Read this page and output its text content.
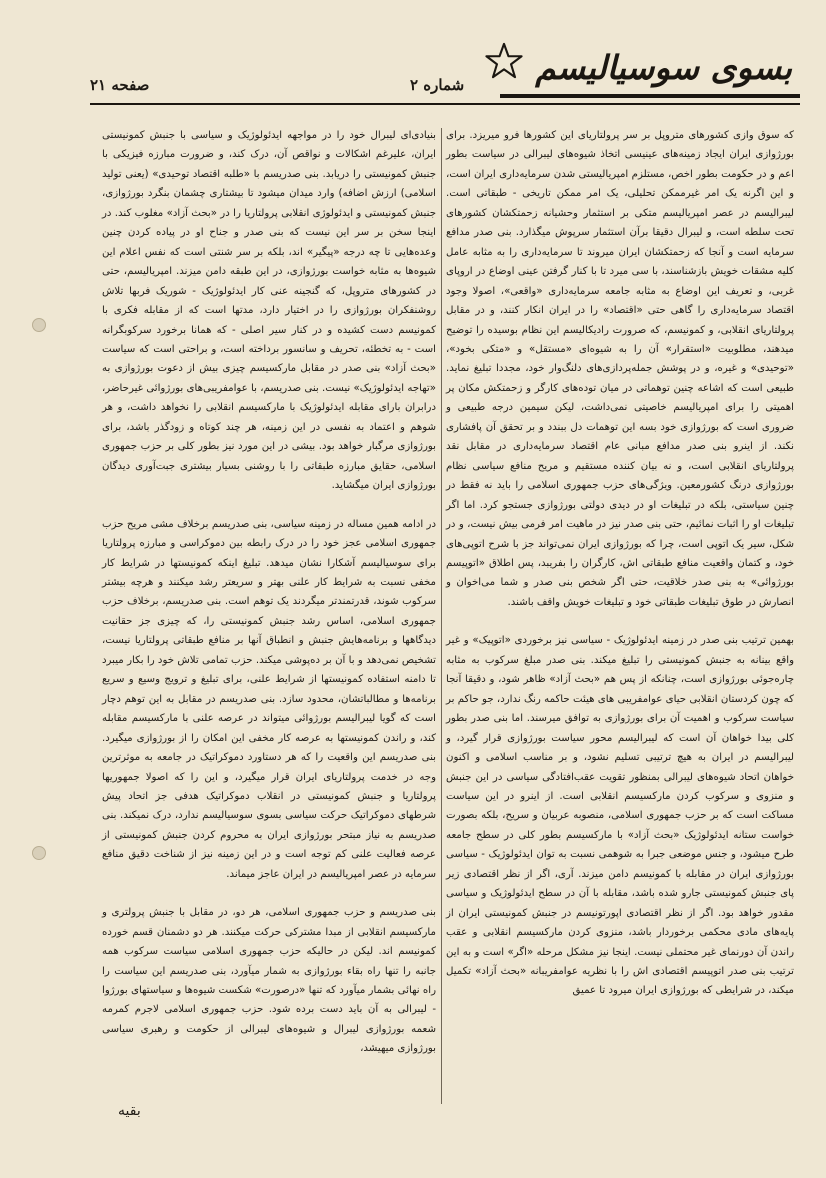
بسوی سوسیالیسم
شماره ۲
صفحه ۲۱

که سوق وازی کشورهای متروپل بر سر پرولتاریای این کشورها فرو میریزد. برای بورژوازی ایران ایجاد زمینه‌های عینیسی اتخاذ شیوه‌های لیبرالی در سیاست بطور اعم و در حکومت بطور اخص، مستلزم امپریالیستی شدن سرمایه‌داری ایران است، و این اگرنه یک امر غیرممکن تحلیلی، یک امر ممکن تاریخی - طبقاتی است. لیبرالیسم در عصر امپریالیسم متکی بر استثمار وحشیانه زحمتکشان کشورهای تحت سلطه است، و لیبرال دقیقا برآن استثمار سرپوش میگذارد. بنی صدر مدافع سرمایه است و آنجا که زحمتکشان ایران میروند تا سرمایه‌داری را به مثابه عامل کلیه مشقات خویش بازشناسند، با سی میرد تا با کنار گرفتن عینی اوضاع در اروپای غربی، و تعریف این اوضاع به مثابه جامعه سرمایه‌داری «واقعی»، اصولا وجود اقتصاد سرمایه‌داری را گاهی حتی «اقتصاد» را در ایران انکار کنند، و در مقابل پرولتاریای انقلابی، و کمونیسم، که صرورت رادیکالیسم این نظام بوسیده را توضیح میدهند، مطلوبیت «استقرار» آن را به شیوه‌ای «مستقل» و «متکی بخود»، «توحیدی» و غیره، و در پوشش جمله‌پردازی‌های دلنگ‌وار خود، مجددا تبلیغ نماید. طبیعی است که اشاعه چنین توهماتی در میان توده‌های کارگر و زحمتکش مکان پر اهمیتی را برای امپریالیسم خاصیتی نمی‌داشت، لیکن سیمین درجه طبیعی و ضروری است که بورژوازی خود بسه این توهمات دل ببندد و بر تحقق آن پافشاری نکند. از اینرو بنی صدر مدافع مبانی عام اقتصاد سرمایه‌داری در مقابل نقد پرولتاریای انقلابی است، و نه بیان کننده مستقیم و مریح منافع سیاسی نظام بورژوازی درنگ کشورمعین. ویژگی‌های حزب جمهوری اسلامی را باید نه فقط در چنین سیاستی، بلکه در تبلیغات او در دیدی دولتی بورژوازی جستجو کرد. اما اگر تبلیغات او را اثبات نمائیم، حتی بنی صدر نیز در ماهیت امر فرمی بیش نیست، و در شکل، سیر یک اتوپی است، چرا که بورژوازی ایران نمی‌تواند جز با شرح اتوپی‌های خود، و کتمان واقعیت منافع طبقاتی اش، کارگران را بفریبد، پس اطلاق «اتوپیسم بورژوائی» به بنی صدر خلاقیت، حتی اگر شخص بنی صدر و شما می‌اخوان و انصارش در طوق تبلیغات طبقاتی خود و تبلیغات خویش واقف باشند.

بهمین ترتیب بنی صدر در زمینه ایدئولوژیک - سیاسی نیز برخوردی «اتوپیک» و غیر واقع بینانه به جنبش کمونیستی را تبلیغ میکند. بنی صدر مبلغ سرکوب به مثابه چاره‌جوئی بورژوازی است، چنانکه از پس هم «بحث آزاد» ظاهر شود، و دقیقا آنجا که چون کردستان انقلابی حیای عوامفریبی های هیئت حاکمه رنگ ندارد، جو حاکم بر سیاست سرکوب و اهمیت آن برای بورژوازی به توافق میرسند. اما بنی صدر بطور کلی بیدا خواهان آن است که لیبرالیسم محور سیاست بورژوازی قرار گیرد، و لیبرالیسم در ایران به هیچ ترتیبی تسلیم نشود، و بر مناسب اسلامی و اکنون خواهان اتحاد شیوه‌های لیبرالی بمنظور تقویت عقب‌افتادگی سیاسی در این جنبش و منزوی و سرکوب کردن مارکسیسم انقلابی است. از اینرو در این سیاست مساکت است که بر حزب جمهوری اسلامی، منصوبه عربیان و سریح، بلکه بصورت خواست ستانه ایدئولوژیک «بحث آزاد» با مارکسیسم بطور کلی در سطح جامعه طرح میشود، و جنس موضعی جبرا به شوهمی نسبت به توان ایدئولوژیک - سیاسی بورژوازی ایران در مقابله با کمونیسم دامن میزند. آری، اگر از نظر اقتصادی زیر پای جنبش کمونیستی جارو شده باشد، مقابله با آن در سطح ایدئولوژیک و سیاسی مقدور خواهد بود. اگر از نظر اقتصادی اپورتونیسم در جنبش کمونیستی ایران از پایه‌های مادی محکمی برخوردار باشد، منزوی کردن مارکسیسم انقلابی و عقب راندن آن دورنمای غیر محتملی نیست. اینجا نیز مشکل مرحله «اگر» است و به این ترتیب بنی صدر اتوپیسم اقتصادی اش را با نظریه عوامفریبانه «بحث آزاد» تکمیل میکند، در شرایطی که بورژوازی ایران میرود تا عمیق

بنیادی‌ای لیبرال خود را در مواجهه ایدئولوژیک و سیاسی با جنبش کمونیستی ایران، علیرغم اشکالات و نواقص آن، درک کند، و ضرورت مبارزه فیزیکی با جنبش کمونیستی را دریابد. بنی صدریسم با «طلبه اقتصاد توحیدی» (یعنی تولید اسلامی) ارزش اضافه) وارد میدان میشود تا بیشتاری چشمان بنگرد بورژوازی، جنبش کمونیستی و ایدئولوژی انقلابی پرولتاریا را در «بحث آزاد» مغلوب کند. در اینجا سخن بر سر این نیست که بنی صدر و جناح او در پیاده کردن چنین وعده‌هایی تا چه درجه «پیگیر» اند، بلکه بر سر شنتی است که نفس اعلام این شیوه‌ها به مثابه خواست بورژوازی، در این طبقه دامن میزند. امپریالیسم، حتی در کشورهای متروپل، که گنجینه عنی کار ایدئولوژیک - شوریک فربها تلاش روشنفکران بورژوازی را در اختیار دارد، مدتها است که از مقابله فکری با کمونیسم دست کشیده و در کنار سیر اصلی - که همانا برخورد سرکوبگرانه است - به تخطئه، تحریف و سانسور برداخته است، و براحتی است که سیاست «بحث آزاد» بنی صدر در مقابل مارکسیسم چیزی بیش از دعوت بورژوازی به «تهاجه ایدئولوژیک» نیست. بنی صدریسم، با عوامفریبی‌های بورژوائی غیرحاضر، درابران بارای مقابله ایدئولوژیک با مارکسیسم انقلابی را نخواهد داشت، و هر شوهم و اعتماد به نفسی در این زمینه، هر چند کوتاه و زودگذر باشد، برای بورژوازی مرگبار خواهد بود. بیشی در این مورد نیز بطور کلی بر حزب جمهوری اسلامی، حقایق مبارزه طبقاتی را با روشنی بسیار بیشتری جبت‌آوری دیدگان بورژوازی ایران میگشاید.

در ادامه همین مساله در زمینه سیاسی، بنی صدریسم برخلاف مشی مریح حزب جمهوری اسلامی عجز خود را در درک رابطه بین دموکراسی و مبارزه پرولتاریا برای سوسیالیسم آشکارا نشان میدهد. تبلیغ اینکه کمونیستها در شرایط کار مخفی نسبت به شرایط کار علنی بهتر و سریعتر رشد میکنند و هرچه بیشتر سرکوب شوند، قدرتمندتر میگردند یک توهم است. بنی صدریسم، برخلاف حزب جمهوری اسلامی، اساس رشد جنبش کمونیستی را، که چیزی جز حقانیت دیدگاهها و برنامه‌هایش جنبش و انطباق آنها بر منافع طبقاتی پرولتاریا نیست، تشخیص نمی‌دهد و با آن بر ده‌پوشی میکند. حزب تمامی تلاش خود را بکار میبرد تا دامنه استفاده کمونیستها از شرایط علنی، برای تبلیغ و ترویج وسیع و سریع برنامه‌ها و مطالباتشان، محدود سازد. بنی صدریسم در مقابل به این توهم دچار است که گویا لیبرالیسم بورژوائی میتواند در عرصه علنی با مارکسیسم مقابله کند، و راندن کمونیستها به عرصه کار مخفی این امکان را از بورژوازی میگیرد. بنی صدریسم این واقعیت را که هر دستاورد دموکراتیک در جامعه به موثرترین وجه در خدمت پرولتاریای ایران قرار میگیرد، و این را که اصولا جمهوریها پرولتاریا و جنبش کمونیستی در انقلاب دموکراتیک هدفی جز اتحاد پیش شرطهای دموکراتیک حرکت سیاسی بسوی سوسیالیسم ندارد، درک نمیکند. بنی صدریسم به نیاز مبتحر بورژوازی ایران به محروم کردن جنبش کمونیستی از عرصه فعالیت علنی کم توجه است و در این زمینه نیز از شناخت دقیق منافع سرمایه در عصر امپریالیسم در ایران عاجز میماند.

بنی صدریسم و حزب جمهوری اسلامی، هر دو، در مقابل با جنبش پرولتری و مارکسیسم انقلابی از مبدا مشترکی حرکت میکنند. هر دو دشمنان قسم خورده کمونیسم اند. لیکن در حالیکه حزب جمهوری اسلامی سیاست سرکوب همه جانبه را تنها راه بقاء بورژوازی به شمار میآورد، بنی صدریسم این سیاست را راه نهائی بشمار میآورد که تنها «درصورت» شکست شیوه‌ها و سیاستهای بورژوا - لیبرالی به آن باید دست برده شود. حزب جمهوری اسلامی لاجرم کمرمه شعمه بورژوازی لیبرال و شیوه‌های لیبرالی از حکومت و رهبری سیاسی بورژوازی میهیشد،

بقیه
